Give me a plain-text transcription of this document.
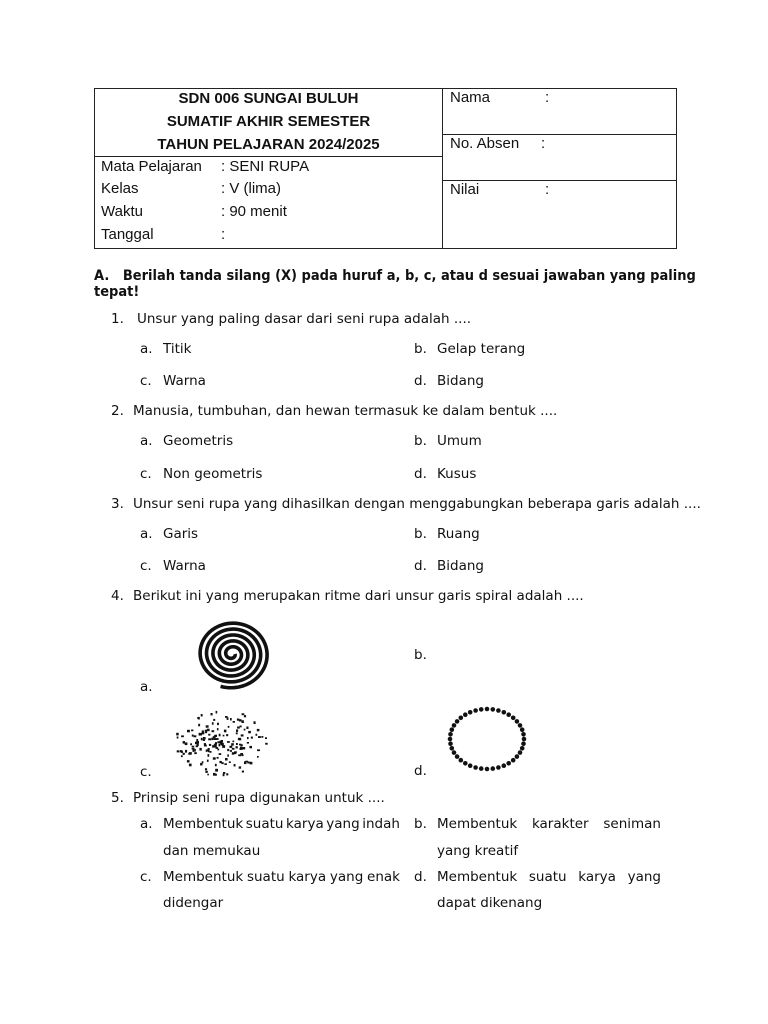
SDN 006 SUNGAI BULUH
SUMATIF AKHIR SEMESTER
TAHUN PELAJARAN 2024/2025
Mata Pelajaran : SENI RUPA
Kelas	: V (lima)
Waktu	: 90 menit
Tanggal	:
Nama	:
No. Absen :
Nilai	:
A. Berilah tanda silang (X) pada huruf a, b, c, atau d sesuai jawaban yang paling tepat!
1. Unsur yang paling dasar dari seni rupa adalah ....
a. Titik	b. Gelap terang
c. Warna	d. Bidang
2. Manusia, tumbuhan, dan hewan termasuk ke dalam bentuk ....
a. Geometris	b. Umum
c. Non geometris	d. Kusus
3. Unsur seni rupa yang dihasilkan dengan menggabungkan beberapa garis adalah ....
a. Garis	b. Ruang
c. Warna	d. Bidang
4. Berikut ini yang merupakan ritme dari unsur garis spiral adalah ....
a.
b.
c.	d.
5. Prinsip seni rupa digunakan untuk ....
a. Membentuk suatu karya yang indah
dan memukau
b. Membentuk karakter seniman
yang kreatif
c. Membentuk suatu karya yang enak
didengar
d. Membentuk suatu karya yang
dapat dikenang
